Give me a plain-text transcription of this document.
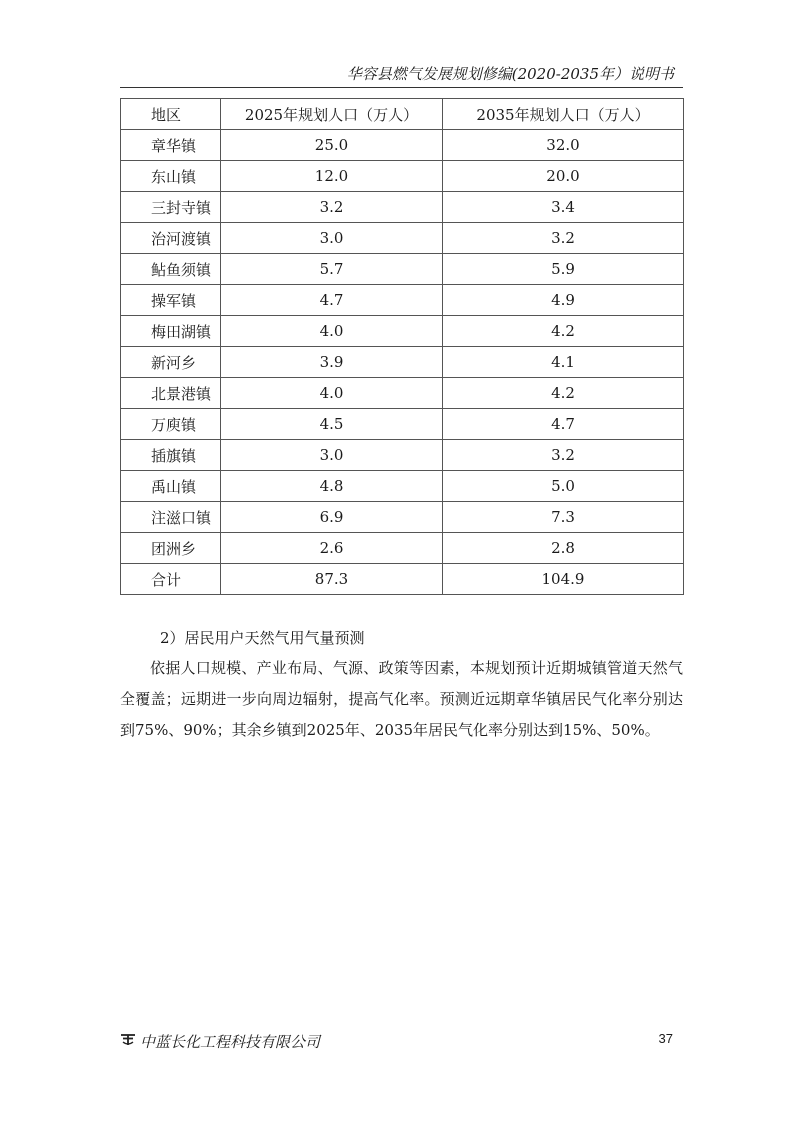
华容县燃气发展规划修编(2020-2035年）说明书
地区	2025年规划人口（万人）	2035年规划人口（万人）
章华镇	25.0	32.0
东山镇	12.0	20.0
三封寺镇	3.2	3.4
治河渡镇	3.0	3.2
鲇鱼须镇	5.7	5.9
操军镇	4.7	4.9
梅田湖镇	4.0	4.2
新河乡	3.9	4.1
北景港镇	4.0	4.2
万庾镇	4.5	4.7
插旗镇	3.0	3.2
禹山镇	4.8	5.0
注滋口镇	6.9	7.3
团洲乡	2.6	2.8
合计	87.3	104.9
2）居民用户天然气用气量预测

依据人口规模、产业布局、气源、政策等因素，本规划预计近期城镇管道天然气全覆盖；远期进一步向周边辐射，提高气化率。预测近远期章华镇居民气化率分别达到75%、90%；其余乡镇到2025年、2035年居民气化率分别达到15%、50%。

中蓝长化工程科技有限公司	37
